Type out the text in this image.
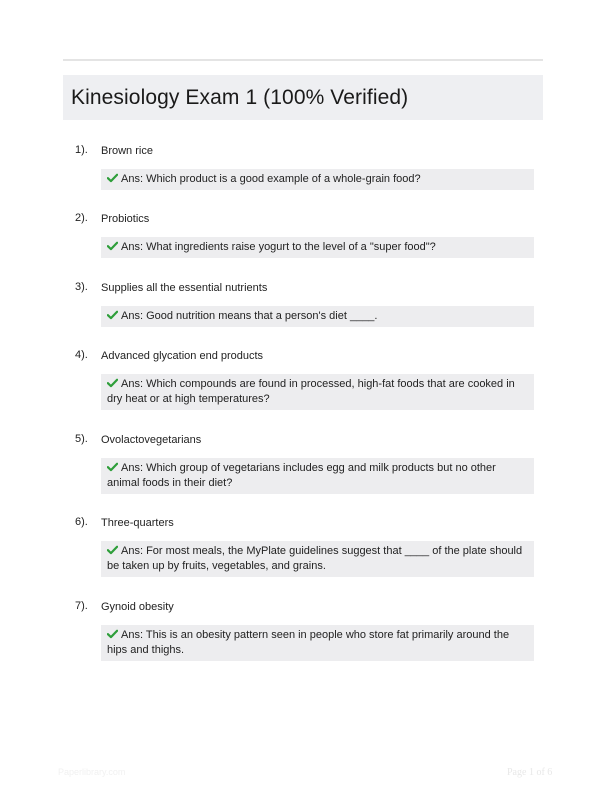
Kinesiology Exam 1 (100% Verified)
1). Brown rice
Ans: Which product is a good example of a whole-grain food?
2). Probiotics
Ans: What ingredients raise yogurt to the level of a "super food"?
3). Supplies all the essential nutrients
Ans: Good nutrition means that a person's diet ____.
4). Advanced glycation end products
Ans: Which compounds are found in processed, high-fat foods that are cooked in dry heat or at high temperatures?
5). Ovolactovegetarians
Ans: Which group of vegetarians includes egg and milk products but no other animal foods in their diet?
6). Three-quarters
Ans: For most meals, the MyPlate guidelines suggest that ____ of the plate should be taken up by fruits, vegetables, and grains.
7). Gynoid obesity
Ans: This is an obesity pattern seen in people who store fat primarily around the hips and thighs.
Paperlibrary.com	Page 1 of 6
